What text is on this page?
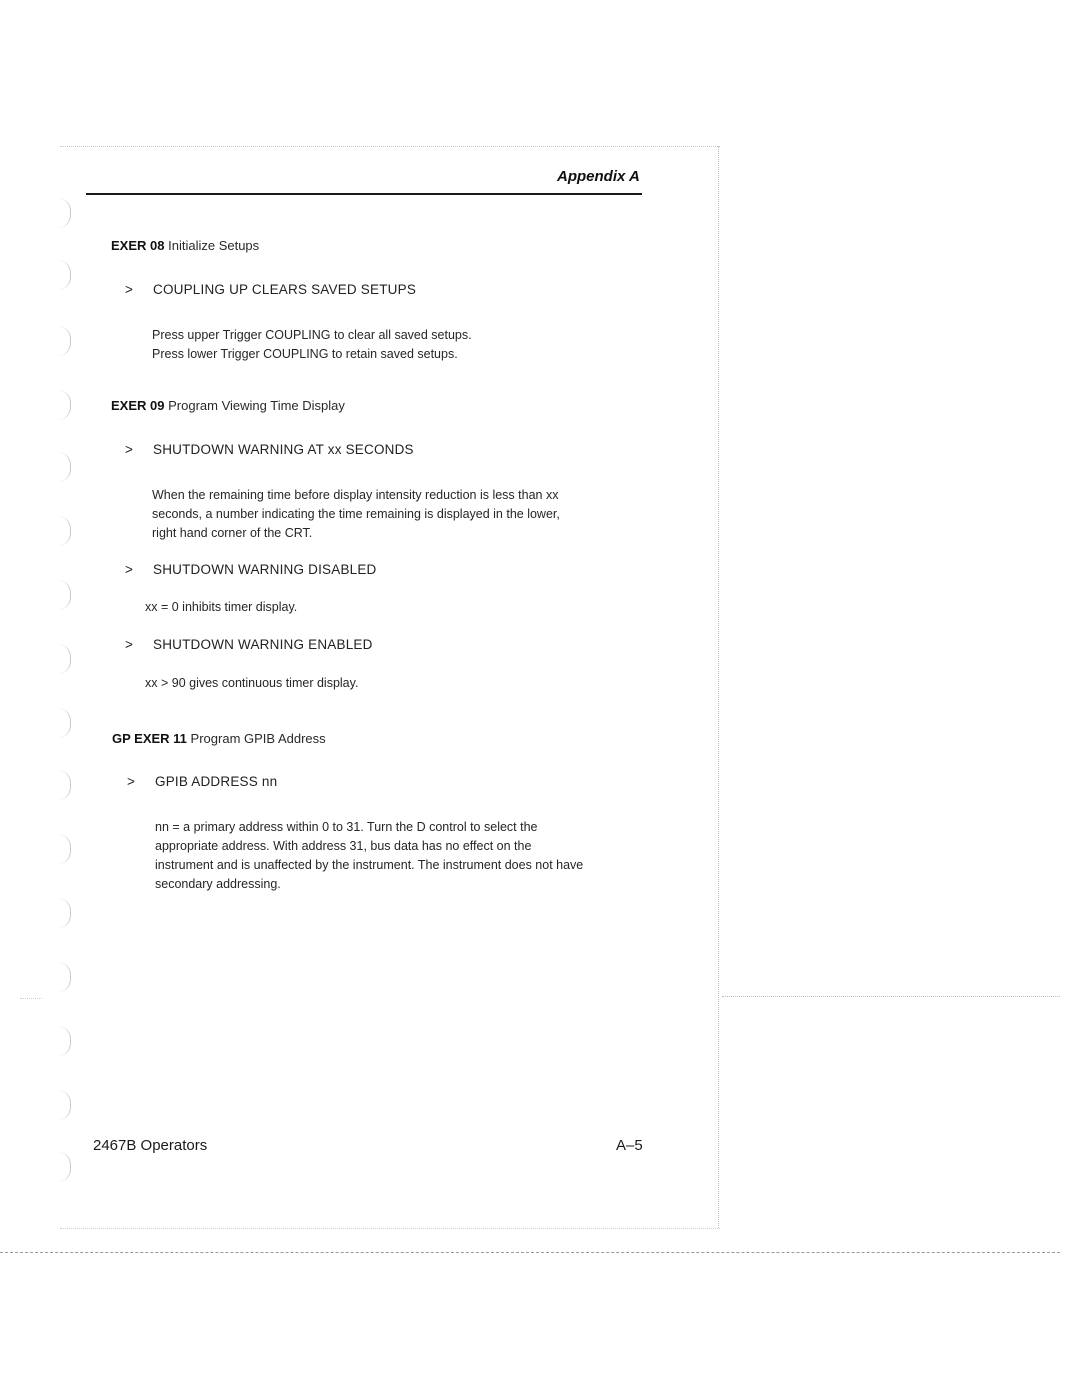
Appendix A
EXER 08 Initialize Setups
> COUPLING UP CLEARS SAVED SETUPS
Press upper Trigger COUPLING to clear all saved setups.
Press lower Trigger COUPLING to retain saved setups.
EXER 09 Program Viewing Time Display
> SHUTDOWN WARNING AT xx SECONDS
When the remaining time before display intensity reduction is less than xx
seconds, a number indicating the time remaining is displayed in the lower,
right hand corner of the CRT.
> SHUTDOWN WARNING DISABLED
xx = 0 inhibits timer display.
> SHUTDOWN WARNING ENABLED
xx > 90 gives continuous timer display.
GP EXER 11 Program GPIB Address
> GPIB ADDRESS nn
nn = a primary address within 0 to 31. Turn the D control to select the
appropriate address. With address 31, bus data has no effect on the
instrument and is unaffected by the instrument. The instrument does not have
secondary addressing.
2467B Operators	A–5
